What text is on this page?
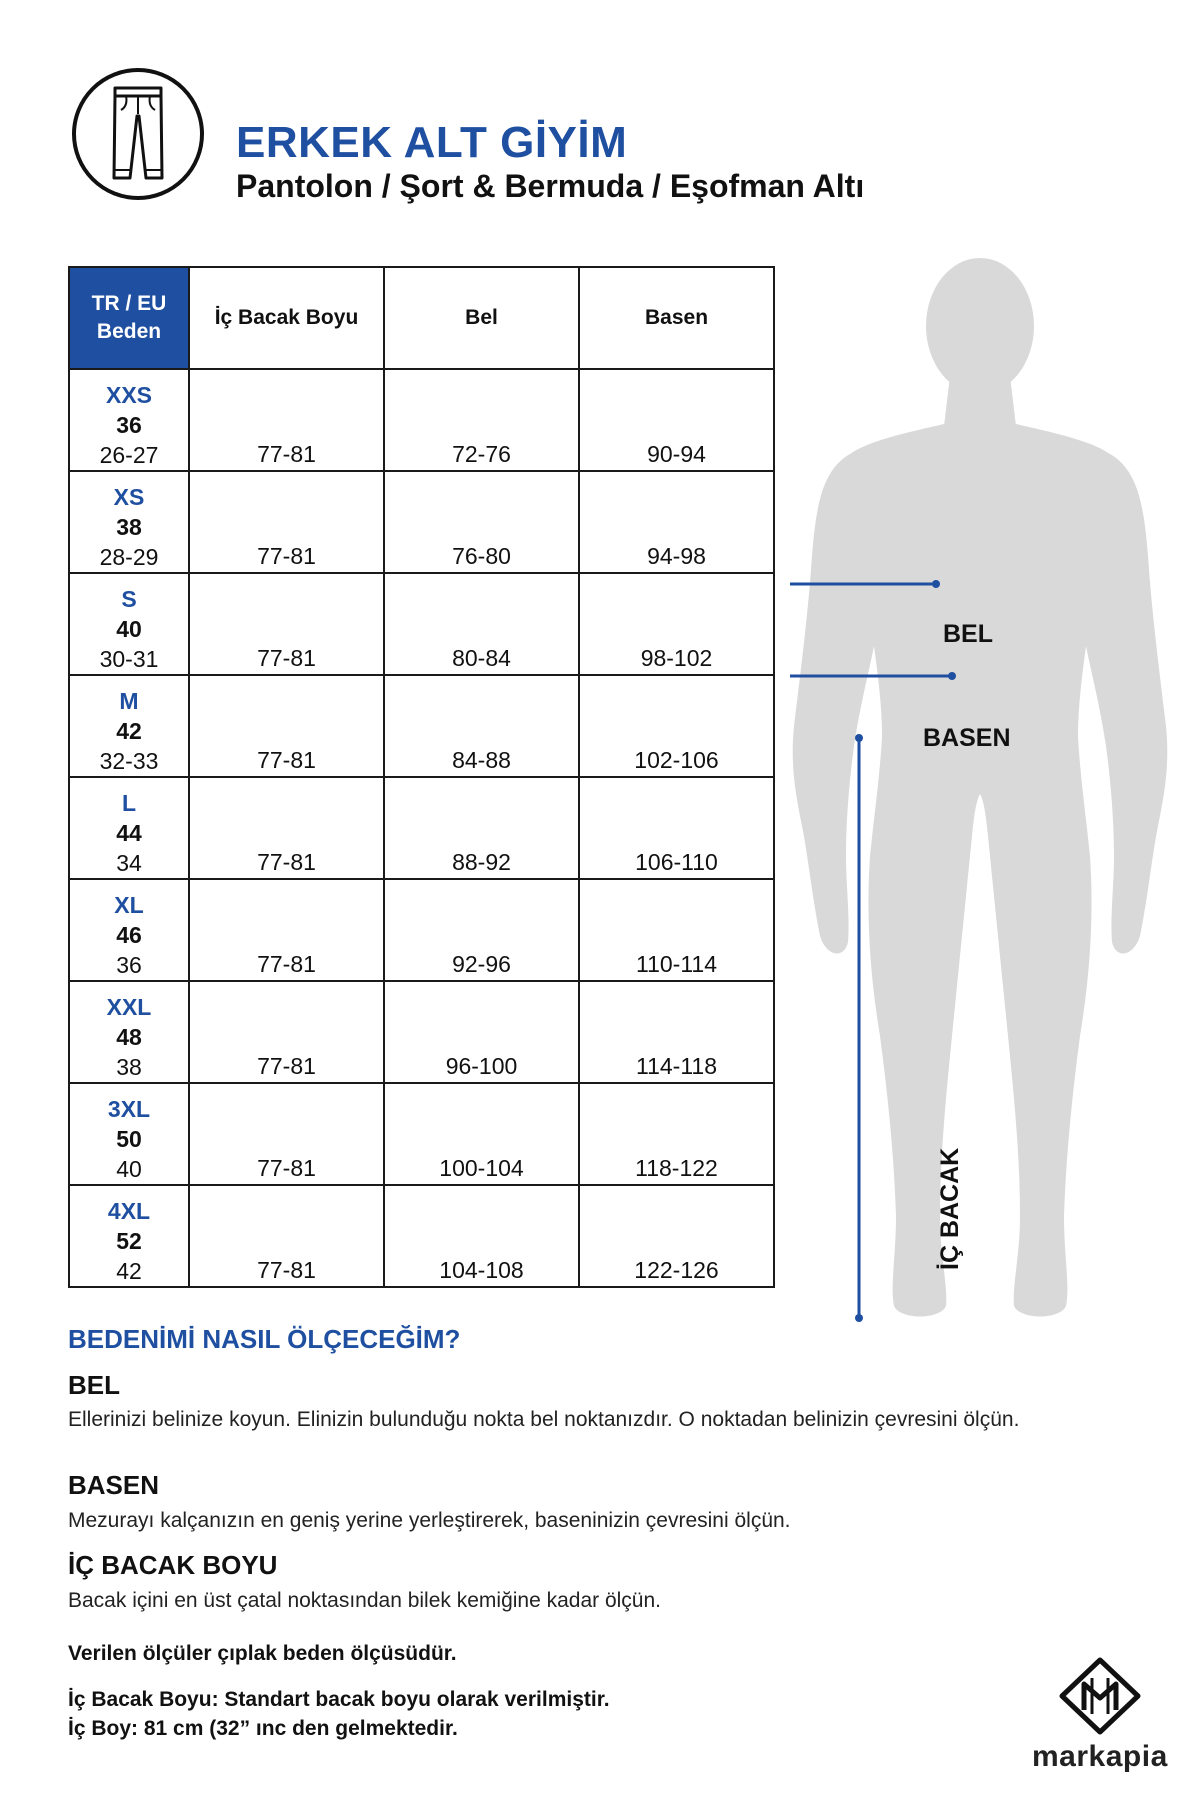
ERKEK ALT GİYİM
Pantolon / Şort & Bermuda / Eşofman Altı
TR / EU
Beden	İç Bacak Boyu	Bel	Basen

XXS
36
26-27	77-81	72-76	90-94

XS
38
28-29	77-81	76-80	94-98

S
40
30-31	77-81	80-84	98-102

M
42
32-33	77-81	84-88	102-106

L
44
34	77-81	88-92	106-110

XL
46
36	77-81	92-96	110-114

XXL
48
38	77-81	96-100	114-118

3XL
50
40	77-81	100-104	118-122

4XL
52
42	77-81	104-108	122-126
BEL
BASEN
İÇ BACAK
BEDENİMİ NASIL ÖLÇECEĞİM?
BEL
Ellerinizi belinize koyun. Elinizin bulunduğu nokta bel noktanızdır. O noktadan belinizin çevresini ölçün.
BASEN
Mezurayı kalçanızın en geniş yerine yerleştirerek, baseninizin çevresini ölçün.
İÇ BACAK BOYU
Bacak içini en üst çatal noktasından bilek kemiğine kadar ölçün.
Verilen ölçüler çıplak beden ölçüsüdür.
İç Bacak Boyu: Standart bacak boyu olarak verilmiştir.
İç Boy: 81 cm (32” ınc den gelmektedir.
markapia
